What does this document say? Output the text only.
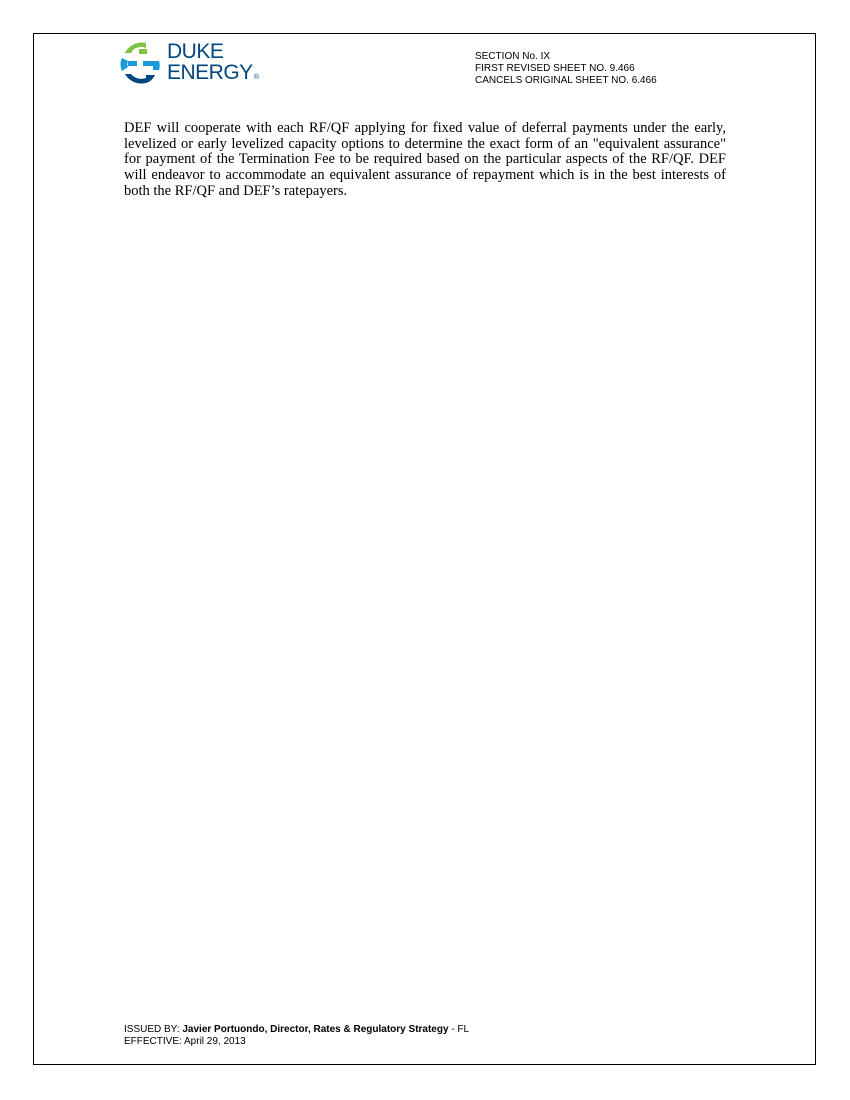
DUKE
ENERGY®
SECTION No. IX
FIRST REVISED SHEET NO. 9.466
CANCELS ORIGINAL SHEET NO. 6.466

DEF will cooperate with each RF/QF applying for fixed value of deferral payments under the early, levelized or early levelized capacity options to determine the exact form of an "equivalent assurance" for payment of the Termination Fee to be required based on the particular aspects of the RF/QF. DEF will endeavor to accommodate an equivalent assurance of repayment which is in the best interests of both the RF/QF and DEF’s ratepayers.

ISSUED BY: Javier Portuondo, Director, Rates & Regulatory Strategy - FL
EFFECTIVE: April 29, 2013
